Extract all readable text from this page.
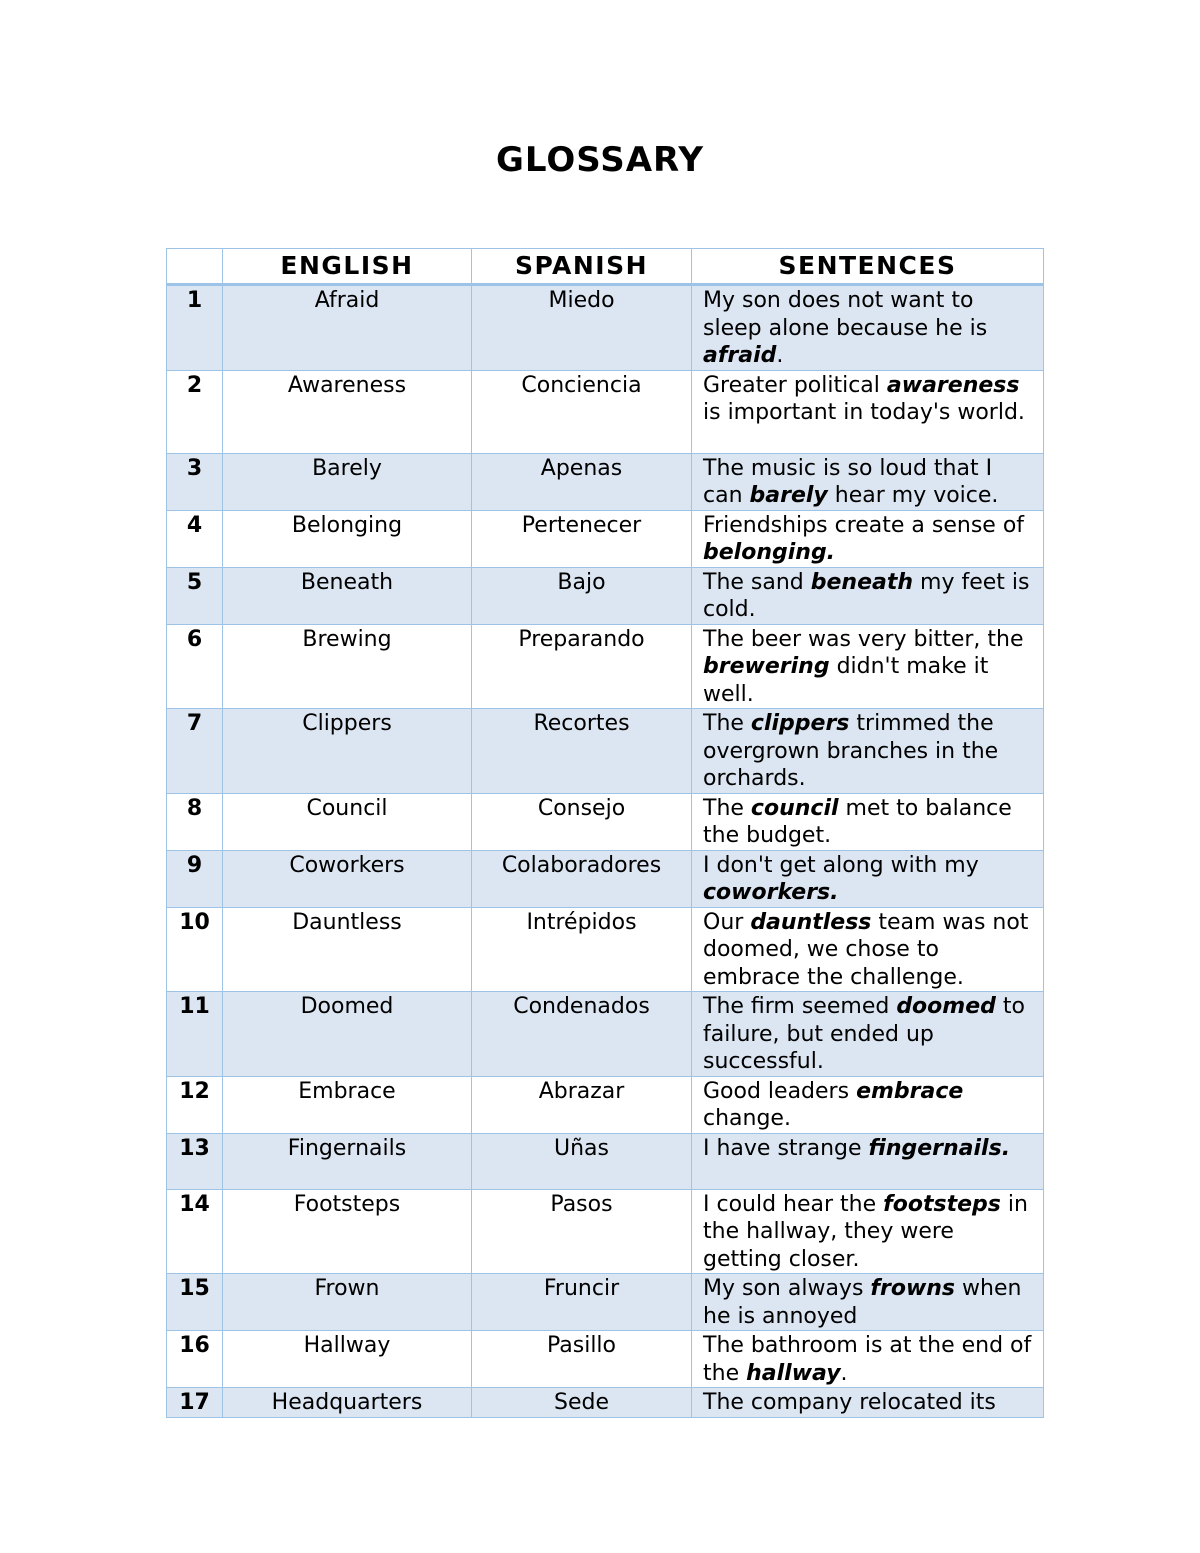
GLOSSARY
	ENGLISH	SPANISH	SENTENCES
1	Afraid	Miedo	My son does not want to sleep alone because he is afraid.
2	Awareness	Conciencia	Greater political awareness is important in today's world.
3	Barely	Apenas	The music is so loud that I can barely hear my voice.
4	Belonging	Pertenecer	Friendships create a sense of belonging.
5	Beneath	Bajo	The sand beneath my feet is cold.
6	Brewing	Preparando	The beer was very bitter, the brewering didn't make it well.
7	Clippers	Recortes	The clippers trimmed the overgrown branches in the orchards.
8	Council	Consejo	The council met to balance the budget.
9	Coworkers	Colaboradores	I don't get along with my coworkers.
10	Dauntless	Intrépidos	Our dauntless team was not doomed, we chose to embrace the challenge.
11	Doomed	Condenados	The firm seemed doomed to failure, but ended up successful.
12	Embrace	Abrazar	Good leaders embrace change.
13	Fingernails	Uñas	I have strange fingernails.
14	Footsteps	Pasos	I could hear the footsteps in the hallway, they were getting closer.
15	Frown	Fruncir	My son always frowns when he is annoyed
16	Hallway	Pasillo	The bathroom is at the end of the hallway.
17	Headquarters	Sede	The company relocated its
